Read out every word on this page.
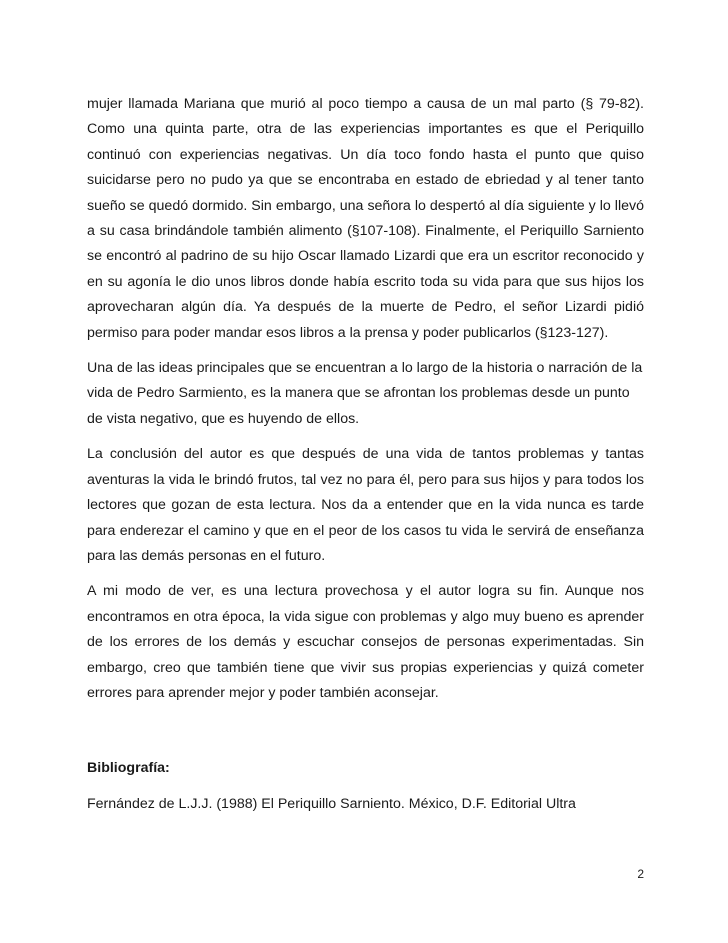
mujer llamada Mariana que murió al poco tiempo a causa de un mal parto (§ 79-82). Como una quinta parte, otra de las experiencias importantes es que el Periquillo continuó con experiencias negativas. Un día toco fondo hasta el punto que quiso suicidarse pero no pudo ya que se encontraba en estado de ebriedad y al tener tanto sueño se quedó dormido. Sin embargo, una señora lo despertó al día siguiente y lo llevó a su casa brindándole también alimento (§107-108). Finalmente, el Periquillo Sarniento se encontró al padrino de su hijo Oscar llamado Lizardi que era un escritor reconocido y en su agonía le dio unos libros donde había escrito toda su vida para que sus hijos los aprovecharan algún día. Ya después de la muerte de Pedro, el señor Lizardi pidió permiso para poder mandar esos libros a la prensa y poder publicarlos (§123-127).

Una de las ideas principales que se encuentran a lo largo de la historia o narración de la vida de Pedro Sarmiento, es la manera que se afrontan los problemas desde un punto de vista negativo, que es huyendo de ellos.

La conclusión del autor es que después de una vida de tantos problemas y tantas aventuras la vida le brindó frutos, tal vez no para él, pero para sus hijos y para todos los lectores que gozan de esta lectura. Nos da a entender que en la vida nunca es tarde para enderezar el camino y que en el peor de los casos tu vida le servirá de enseñanza para las demás personas en el futuro.

A mi modo de ver, es una lectura provechosa y el autor logra su fin. Aunque nos encontramos en otra época, la vida sigue con problemas y algo muy bueno es aprender de los errores de los demás y escuchar consejos de personas experimentadas. Sin embargo, creo que también tiene que vivir sus propias experiencias y quizá cometer errores para aprender mejor y poder también aconsejar.

Bibliografía:

Fernández de L.J.J. (1988) El Periquillo Sarniento. México, D.F. Editorial Ultra

2
